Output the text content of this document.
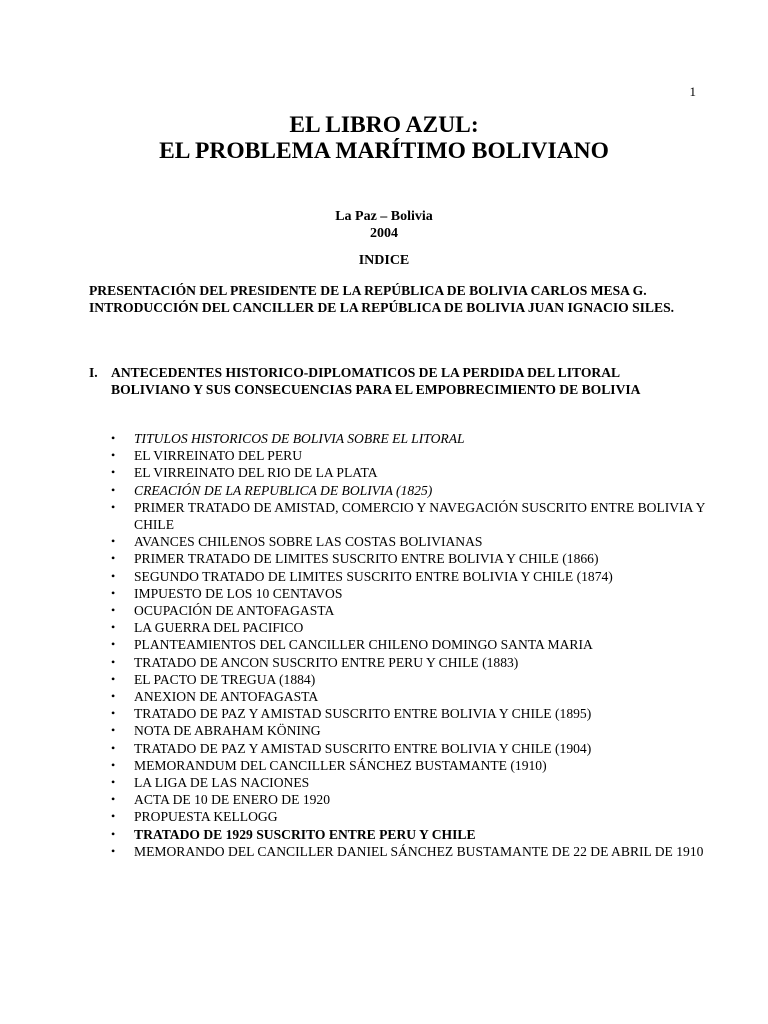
1

EL LIBRO AZUL:

EL PROBLEMA MARÍTIMO BOLIVIANO

La Paz – Bolivia
2004
INDICE

PRESENTACIÓN DEL PRESIDENTE DE LA REPÚBLICA DE BOLIVIA CARLOS MESA G.

INTRODUCCIÓN DEL CANCILLER DE LA REPÚBLICA DE BOLIVIA JUAN IGNACIO SILES.

I. ANTECEDENTES HISTORICO-DIPLOMATICOS DE LA PERDIDA DEL LITORAL BOLIVIANO Y SUS CONSECUENCIAS PARA EL EMPOBRECIMIENTO DE BOLIVIA
• TITULOS HISTORICOS DE BOLIVIA SOBRE EL LITORAL
• EL VIRREINATO DEL PERU
• EL VIRREINATO DEL RIO DE LA PLATA
• CREACIÓN DE LA REPUBLICA DE BOLIVIA (1825)
• PRIMER TRATADO DE AMISTAD, COMERCIO Y NAVEGACIÓN SUSCRITO ENTRE BOLIVIA Y CHILE
• AVANCES CHILENOS SOBRE LAS COSTAS BOLIVIANAS
• PRIMER TRATADO DE LIMITES SUSCRITO ENTRE BOLIVIA Y CHILE (1866)
• SEGUNDO TRATADO DE LIMITES SUSCRITO ENTRE BOLIVIA Y CHILE (1874)
• IMPUESTO DE LOS 10 CENTAVOS
• OCUPACIÓN DE ANTOFAGASTA
• LA GUERRA DEL PACIFICO
• PLANTEAMIENTOS DEL CANCILLER CHILENO DOMINGO SANTA MARIA
• TRATADO DE ANCON SUSCRITO ENTRE PERU Y CHILE (1883)
• EL PACTO DE TREGUA (1884)
• ANEXION DE ANTOFAGASTA
• TRATADO DE PAZ Y AMISTAD SUSCRITO ENTRE BOLIVIA Y CHILE (1895)
• NOTA DE ABRAHAM KÖNING
• TRATADO DE PAZ Y AMISTAD SUSCRITO ENTRE BOLIVIA Y CHILE (1904)
• MEMORANDUM DEL CANCILLER SÁNCHEZ BUSTAMANTE (1910)
• LA LIGA DE LAS NACIONES
• ACTA DE 10 DE ENERO DE 1920
• PROPUESTA KELLOGG
• TRATADO DE 1929 SUSCRITO ENTRE PERU Y CHILE
• MEMORANDO DEL CANCILLER DANIEL SÁNCHEZ BUSTAMANTE DE 22 DE ABRIL DE 1910
